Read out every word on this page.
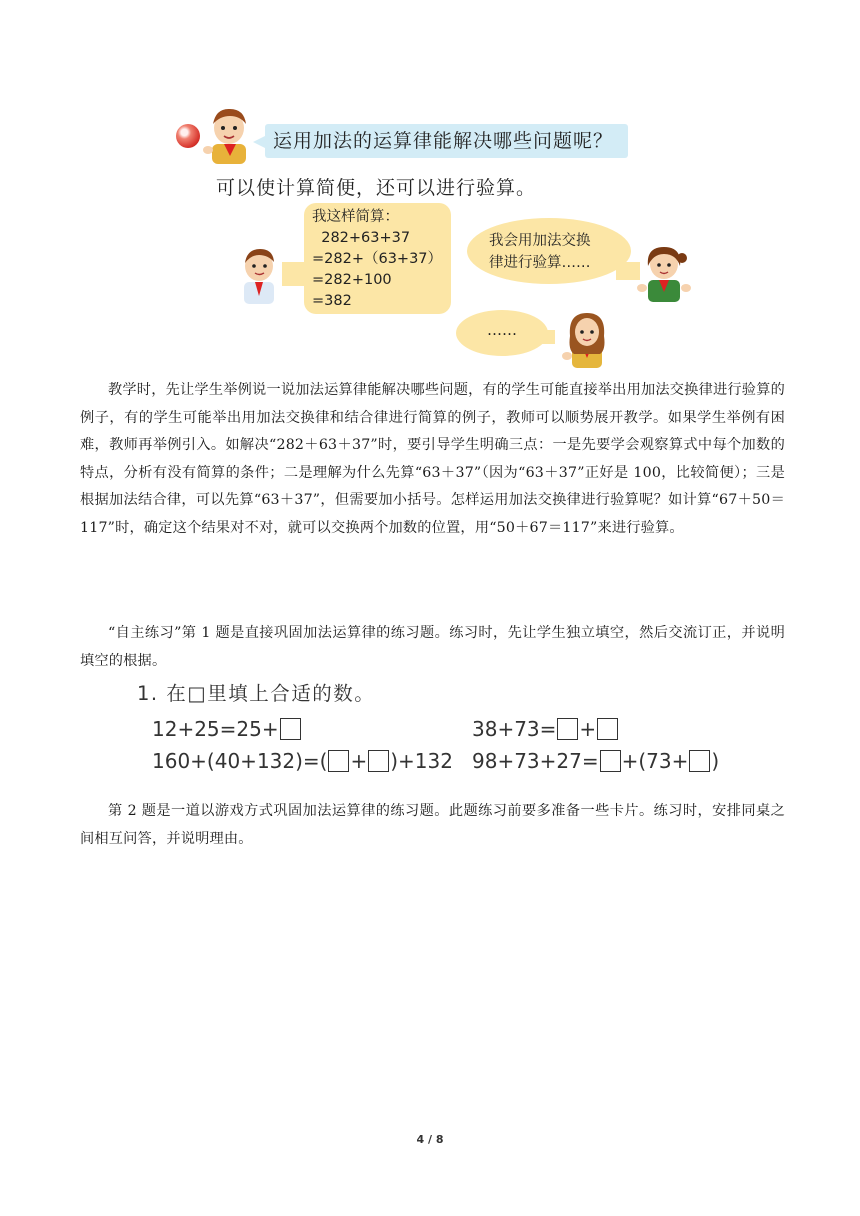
运用加法的运算律能解决哪些问题呢？
可以使计算简便，还可以进行验算。
我这样简算：
282+63+37
=282+（63+37）
=282+100
=382
我会用加法交换
律进行验算……
……
教学时，先让学生举例说一说加法运算律能解决哪些问题，有的学生可能直接举出用加法交换律进行验算的例子，有的学生可能举出用加法交换律和结合律进行简算的例子，教师可以顺势展开教学。如果学生举例有困难，教师再举例引入。如解决“282＋63＋37”时，要引导学生明确三点：一是先要学会观察算式中每个加数的特点，分析有没有简算的条件；二是理解为什么先算“63＋37”（因为“63＋37”正好是 100，比较简便）；三是根据加法结合律，可以先算“63＋37”，但需要加小括号。怎样运用加法交换律进行验算呢？如计算“67＋50＝117”时，确定这个结果对不对，就可以交换两个加数的位置，用“50＋67＝117”来进行验算。
“自主练习”第 1 题是直接巩固加法运算律的练习题。练习时，先让学生独立填空，然后交流订正，并说明填空的根据。
1. 在□里填上合适的数。
12+25=25+	38+73= +
160+(40+132)=( + )+132 98+73+27= +(73+ )
第 2 题是一道以游戏方式巩固加法运算律的练习题。此题练习前要多准备一些卡片。练习时，安排同桌之间相互问答，并说明理由。
4 / 8
